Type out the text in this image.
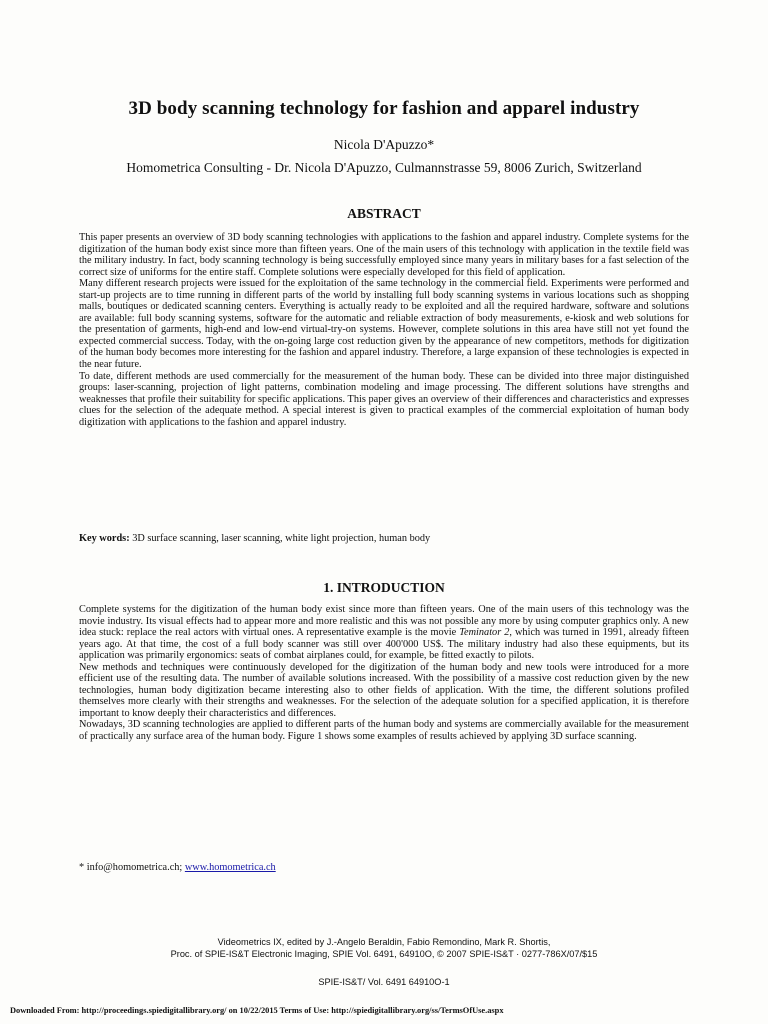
3D body scanning technology for fashion and apparel industry
Nicola D'Apuzzo*
Homometrica Consulting - Dr. Nicola D'Apuzzo, Culmannstrasse 59, 8006 Zurich, Switzerland
ABSTRACT

This paper presents an overview of 3D body scanning technologies with applications to the fashion and apparel industry. Complete systems for the digitization of the human body exist since more than fifteen years. One of the main users of this technology with application in the textile field was the military industry. In fact, body scanning technology is being successfully employed since many years in military bases for a fast selection of the correct size of uniforms for the entire staff. Complete solutions were especially developed for this field of application.

Many different research projects were issued for the exploitation of the same technology in the commercial field. Experiments were performed and start-up projects are to time running in different parts of the world by installing full body scanning systems in various locations such as shopping malls, boutiques or dedicated scanning centers. Everything is actually ready to be exploited and all the required hardware, software and solutions are available: full body scanning systems, software for the automatic and reliable extraction of body measurements, e-kiosk and web solutions for the presentation of garments, high-end and low-end virtual-try-on systems. However, complete solutions in this area have still not yet found the expected commercial success. Today, with the on-going large cost reduction given by the appearance of new competitors, methods for digitization of the human body becomes more interesting for the fashion and apparel industry. Therefore, a large expansion of these technologies is expected in the near future.

To date, different methods are used commercially for the measurement of the human body. These can be divided into three major distinguished groups: laser-scanning, projection of light patterns, combination modeling and image processing. The different solutions have strengths and weaknesses that profile their suitability for specific applications. This paper gives an overview of their differences and characteristics and expresses clues for the selection of the adequate method. A special interest is given to practical examples of the commercial exploitation of human body digitization with applications to the fashion and apparel industry.

Key words: 3D surface scanning, laser scanning, white light projection, human body
1. INTRODUCTION

Complete systems for the digitization of the human body exist since more than fifteen years. One of the main users of this technology was the movie industry. Its visual effects had to appear more and more realistic and this was not possible any more by using computer graphics only. A new idea stuck: replace the real actors with virtual ones. A representative example is the movie Teminator 2, which was turned in 1991, already fifteen years ago. At that time, the cost of a full body scanner was still over 400'000 US$. The military industry had also these equipments, but its application was primarily ergonomics: seats of combat airplanes could, for example, be fitted exactly to pilots.

New methods and techniques were continuously developed for the digitization of the human body and new tools were introduced for a more efficient use of the resulting data. The number of available solutions increased. With the possibility of a massive cost reduction given by the new technologies, human body digitization became interesting also to other fields of application. With the time, the different solutions profiled themselves more clearly with their strengths and weaknesses. For the selection of the adequate solution for a specified application, it is therefore important to know deeply their characteristics and differences.

Nowadays, 3D scanning technologies are applied to different parts of the human body and systems are commercially available for the measurement of practically any surface area of the human body. Figure 1 shows some examples of results achieved by applying 3D surface scanning.

* info@homometrica.ch; www.homometrica.ch
Videometrics IX, edited by J.-Angelo Beraldin, Fabio Remondino, Mark R. Shortis,
Proc. of SPIE-IS&T Electronic Imaging, SPIE Vol. 6491, 64910O, © 2007 SPIE-IS&T · 0277-786X/07/$15
SPIE-IS&T/ Vol. 6491 64910O-1
Downloaded From: http://proceedings.spiedigitallibrary.org/ on 10/22/2015 Terms of Use: http://spiedigitallibrary.org/ss/TermsOfUse.aspx
